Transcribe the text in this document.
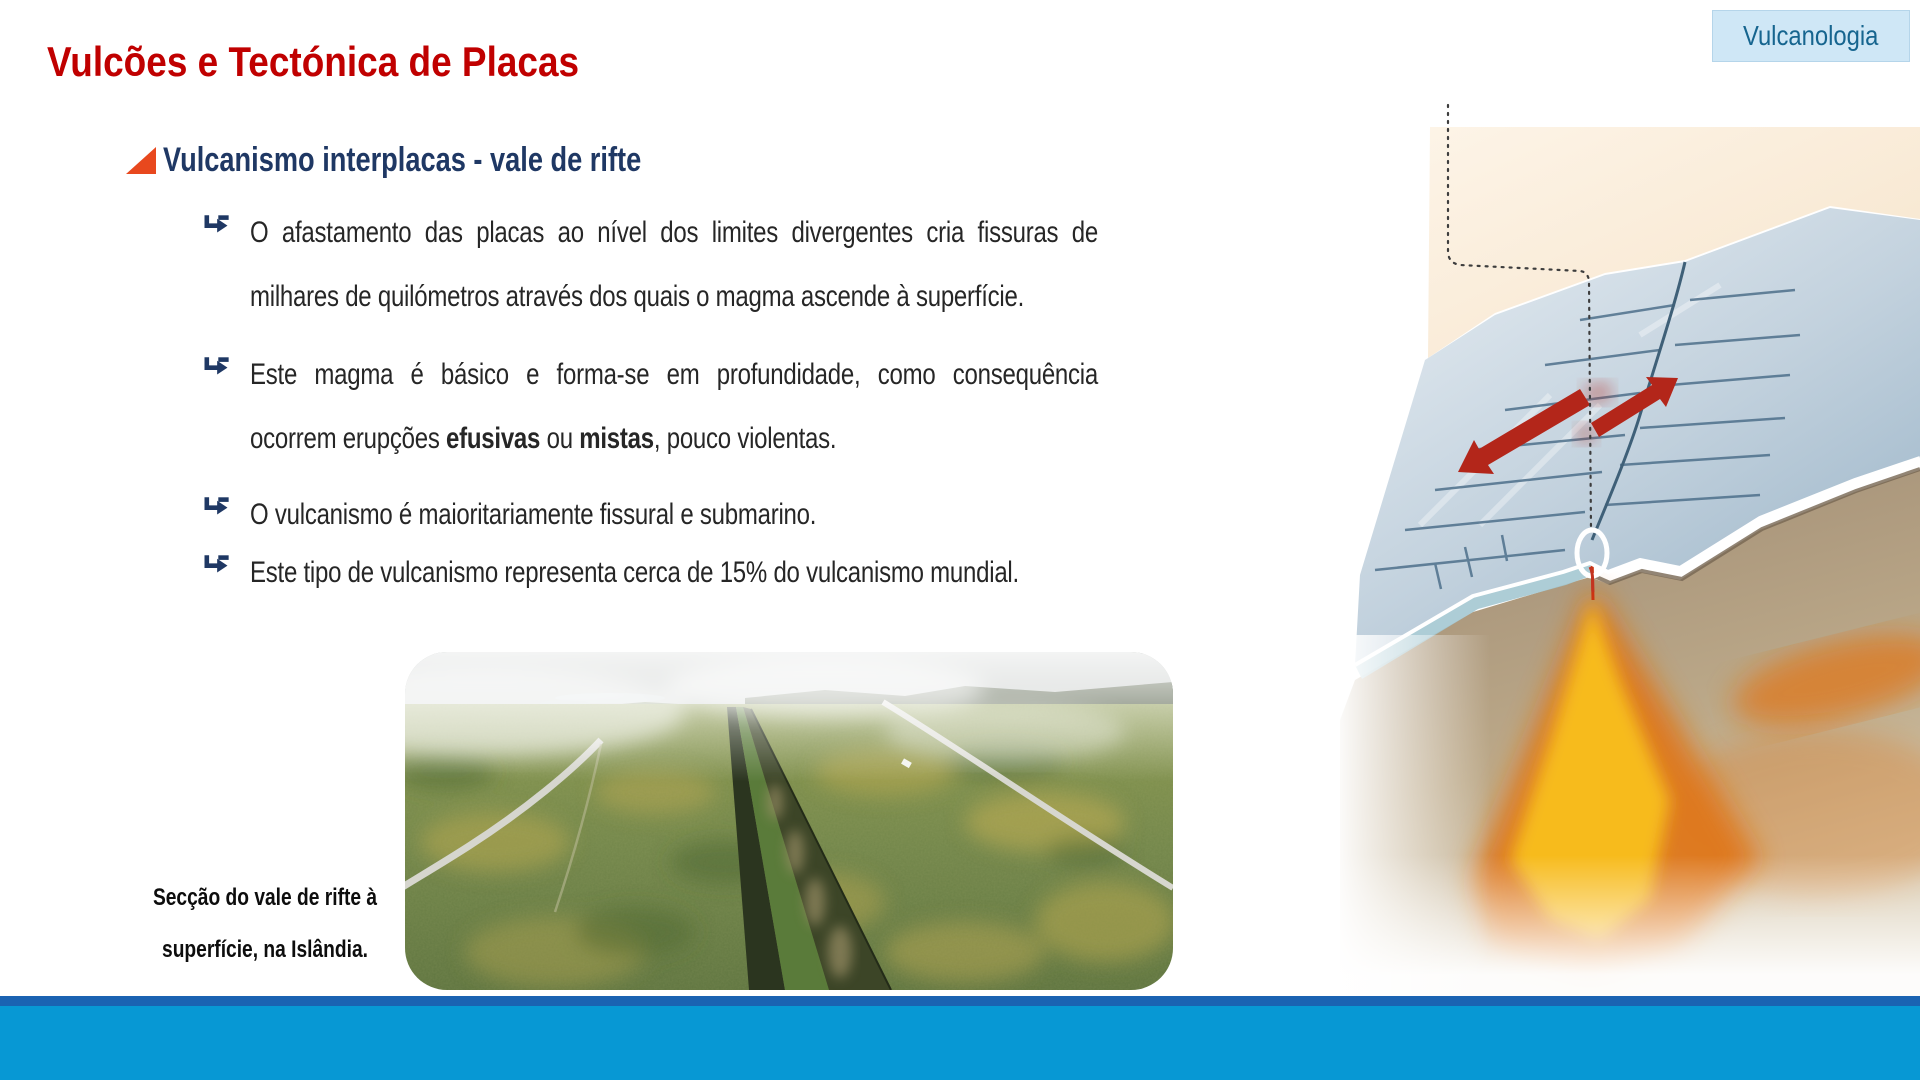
Vulcanologia
Vulcões e Tectónica de Placas
Vulcanismo interplacas - vale de rifte
O afastamento das placas ao nível dos limites divergentes cria fissuras de
milhares de quilómetros através dos quais o magma ascende à superfície.
Este magma é básico e forma-se em profundidade, como consequência
ocorrem erupções efusivas ou mistas, pouco violentas.
O vulcanismo é maioritariamente fissural e submarino.
Este tipo de vulcanismo representa cerca de 15% do vulcanismo mundial.
Secção do vale de rifte à
superfície, na Islândia.
